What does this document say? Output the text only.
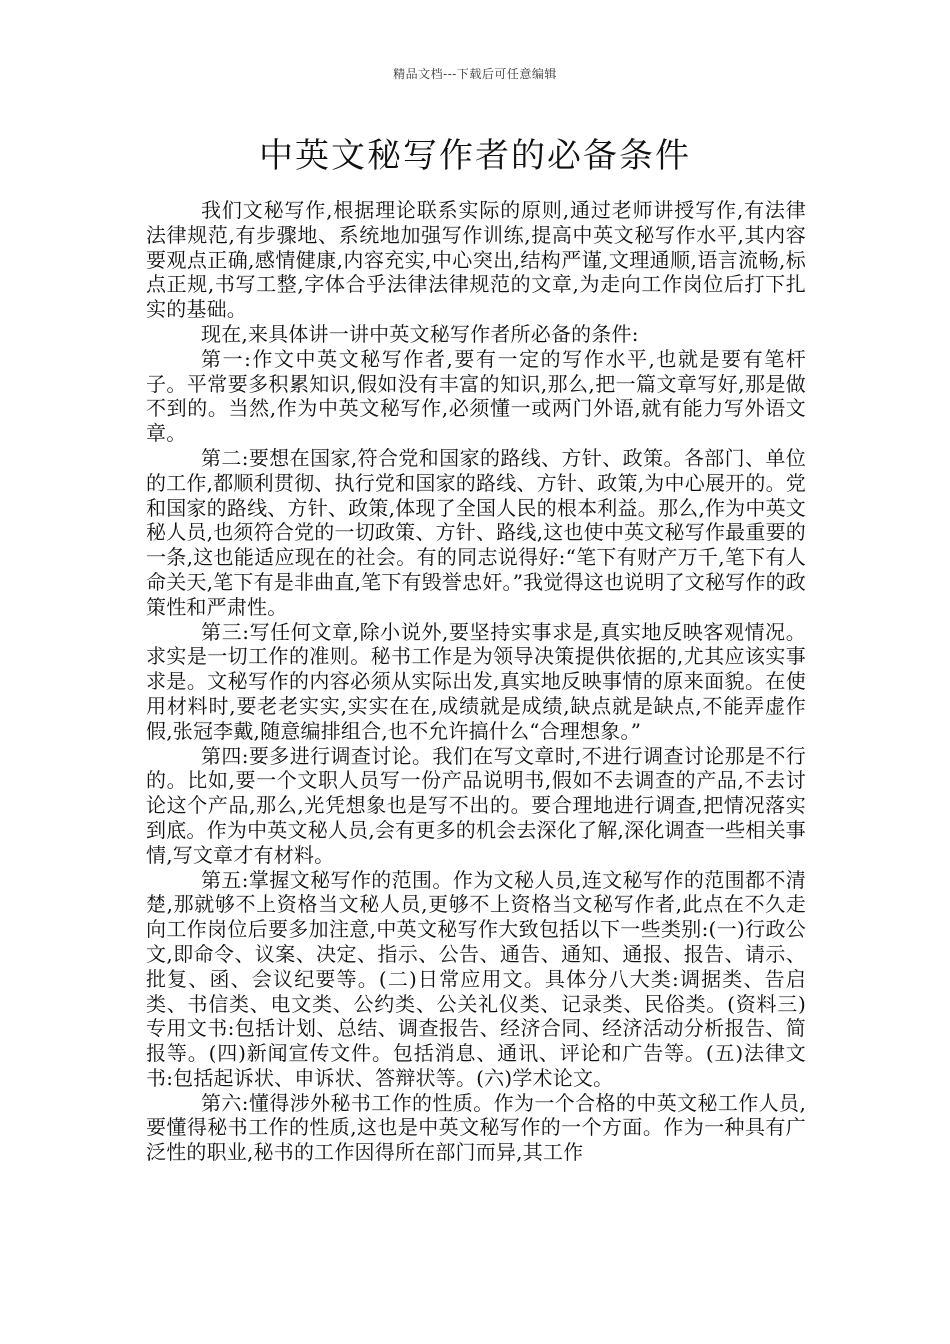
精品文档---下载后可任意编辑
中英文秘写作者的必备条件

我们文秘写作,根据理论联系实际的原则,通过老师讲授写作,有法律法律规范,有步骤地、系统地加强写作训练,提高中英文秘写作水平,其内容要观点正确,感情健康,内容充实,中心突出,结构严谨,文理通顺,语言流畅,标点正规,书写工整,字体合乎法律法律规范的文章,为走向工作岗位后打下扎实的基础。

现在,来具体讲一讲中英文秘写作者所必备的条件:

第一:作文中英文秘写作者,要有一定的写作水平,也就是要有笔杆子。平常要多积累知识,假如没有丰富的知识,那么,把一篇文章写好,那是做不到的。当然,作为中英文秘写作,必须懂一或两门外语,就有能力写外语文章。

第二:要想在国家,符合党和国家的路线、方针、政策。各部门、单位的工作,都顺利贯彻、执行党和国家的路线、方针、政策,为中心展开的。党和国家的路线、方针、政策,体现了全国人民的根本利益。那么,作为中英文秘人员,也须符合党的一切政策、方针、路线,这也使中英文秘写作最重要的一条,这也能适应现在的社会。有的同志说得好:“笔下有财产万千,笔下有人命关天,笔下有是非曲直,笔下有毁誉忠奸。”我觉得这也说明了文秘写作的政策性和严肃性。

第三:写任何文章,除小说外,要坚持实事求是,真实地反映客观情况。求实是一切工作的准则。秘书工作是为领导决策提供依据的,尤其应该实事求是。文秘写作的内容必须从实际出发,真实地反映事情的原来面貌。在使用材料时,要老老实实,实实在在,成绩就是成绩,缺点就是缺点,不能弄虚作假,张冠李戴,随意编排组合,也不允许搞什么“合理想象。”

第四:要多进行调查讨论。我们在写文章时,不进行调查讨论那是不行的。比如,要一个文职人员写一份产品说明书,假如不去调查的产品,不去讨论这个产品,那么,光凭想象也是写不出的。要合理地进行调查,把情况落实到底。作为中英文秘人员,会有更多的机会去深化了解,深化调查一些相关事情,写文章才有材料。

第五:掌握文秘写作的范围。作为文秘人员,连文秘写作的范围都不清楚,那就够不上资格当文秘人员,更够不上资格当文秘写作者,此点在不久走向工作岗位后要多加注意,中英文秘写作大致包括以下一些类别:(一)行政公文,即命令、议案、决定、指示、公告、通告、通知、通报、报告、请示、批复、函、会议纪要等。(二)日常应用文。具体分八大类:调据类、告启类、书信类、电文类、公约类、公关礼仪类、记录类、民俗类。(资料三)专用文书:包括计划、总结、调查报告、经济合同、经济活动分析报告、简报等。(四)新闻宣传文件。包括消息、通讯、评论和广告等。(五)法律文书:包括起诉状、申诉状、答辩状等。(六)学术论文。

第六:懂得涉外秘书工作的性质。作为一个合格的中英文秘工作人员,要懂得秘书工作的性质,这也是中英文秘写作的一个方面。作为一种具有广泛性的职业,秘书的工作因得所在部门而异,其工作
